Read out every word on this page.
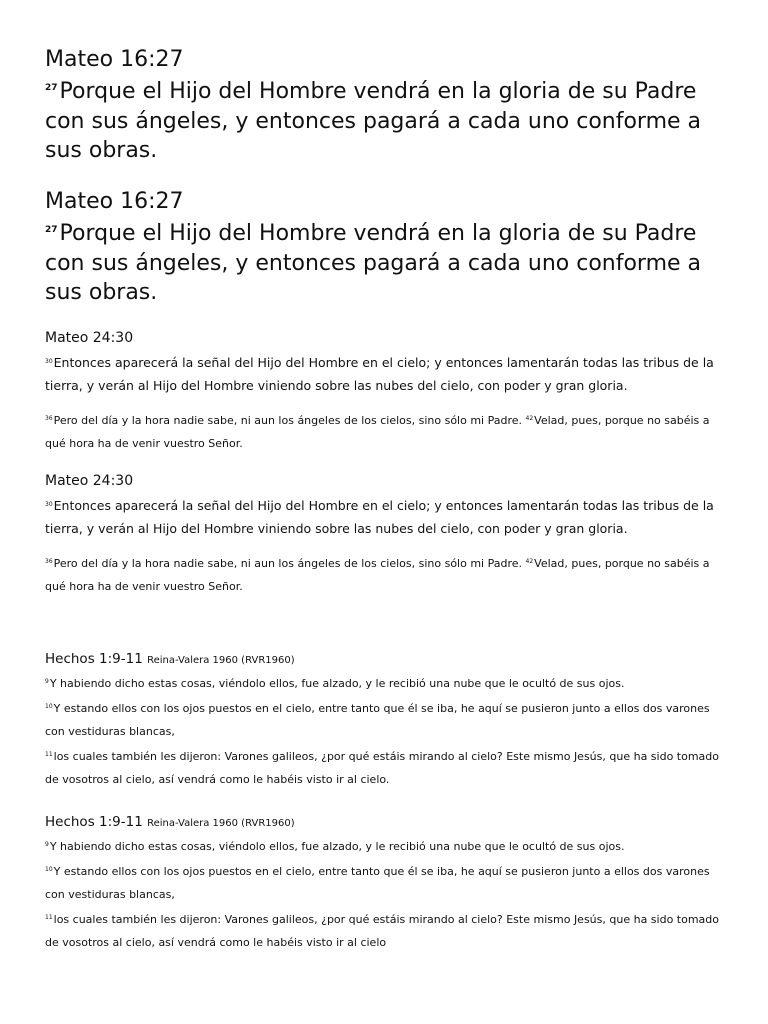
Mateo 16:27
$^{27}$Porque el Hijo del Hombre vendrá en la gloria de su Padre con sus ángeles, y entonces pagará a cada uno conforme a sus obras.
Mateo 16:27
$^{27}$Porque el Hijo del Hombre vendrá en la gloria de su Padre con sus ángeles, y entonces pagará a cada uno conforme a sus obras.
Mateo 24:30

$^{30}$Entonces aparecerá la señal del Hijo del Hombre en el cielo; y entonces lamentarán todas las tribus de la tierra, y verán al Hijo del Hombre viniendo sobre las nubes del cielo, con poder y gran gloria.

$^{36}$Pero del día y la hora nadie sabe, ni aun los ángeles de los cielos, sino sólo mi Padre. $^{42}$Velad, pues, porque no sabéis a qué hora ha de venir vuestro Señor.

Mateo 24:30

$^{30}$Entonces aparecerá la señal del Hijo del Hombre en el cielo; y entonces lamentarán todas las tribus de la tierra, y verán al Hijo del Hombre viniendo sobre las nubes del cielo, con poder y gran gloria.

$^{36}$Pero del día y la hora nadie sabe, ni aun los ángeles de los cielos, sino sólo mi Padre. $^{42}$Velad, pues, porque no sabéis a qué hora ha de venir vuestro Señor.

Hechos 1:9-11 Reina-Valera 1960 (RVR1960)

$^9$Y habiendo dicho estas cosas, viéndolo ellos, fue alzado, y le recibió una nube que le ocultó de sus ojos.

$^{10}$Y estando ellos con los ojos puestos en el cielo, entre tanto que él se iba, he aquí se pusieron junto a ellos dos varones con vestiduras blancas,

$^{11}$los cuales también les dijeron: Varones galileos, ¿por qué estáis mirando al cielo? Este mismo Jesús, que ha sido tomado de vosotros al cielo, así vendrá como le habéis visto ir al cielo.

Hechos 1:9-11 Reina-Valera 1960 (RVR1960)

$^9$Y habiendo dicho estas cosas, viéndolo ellos, fue alzado, y le recibió una nube que le ocultó de sus ojos.

$^{10}$Y estando ellos con los ojos puestos en el cielo, entre tanto que él se iba, he aquí se pusieron junto a ellos dos varones con vestiduras blancas,

$^{11}$los cuales también les dijeron: Varones galileos, ¿por qué estáis mirando al cielo? Este mismo Jesús, que ha sido tomado de vosotros al cielo, así vendrá como le habéis visto ir al cielo
